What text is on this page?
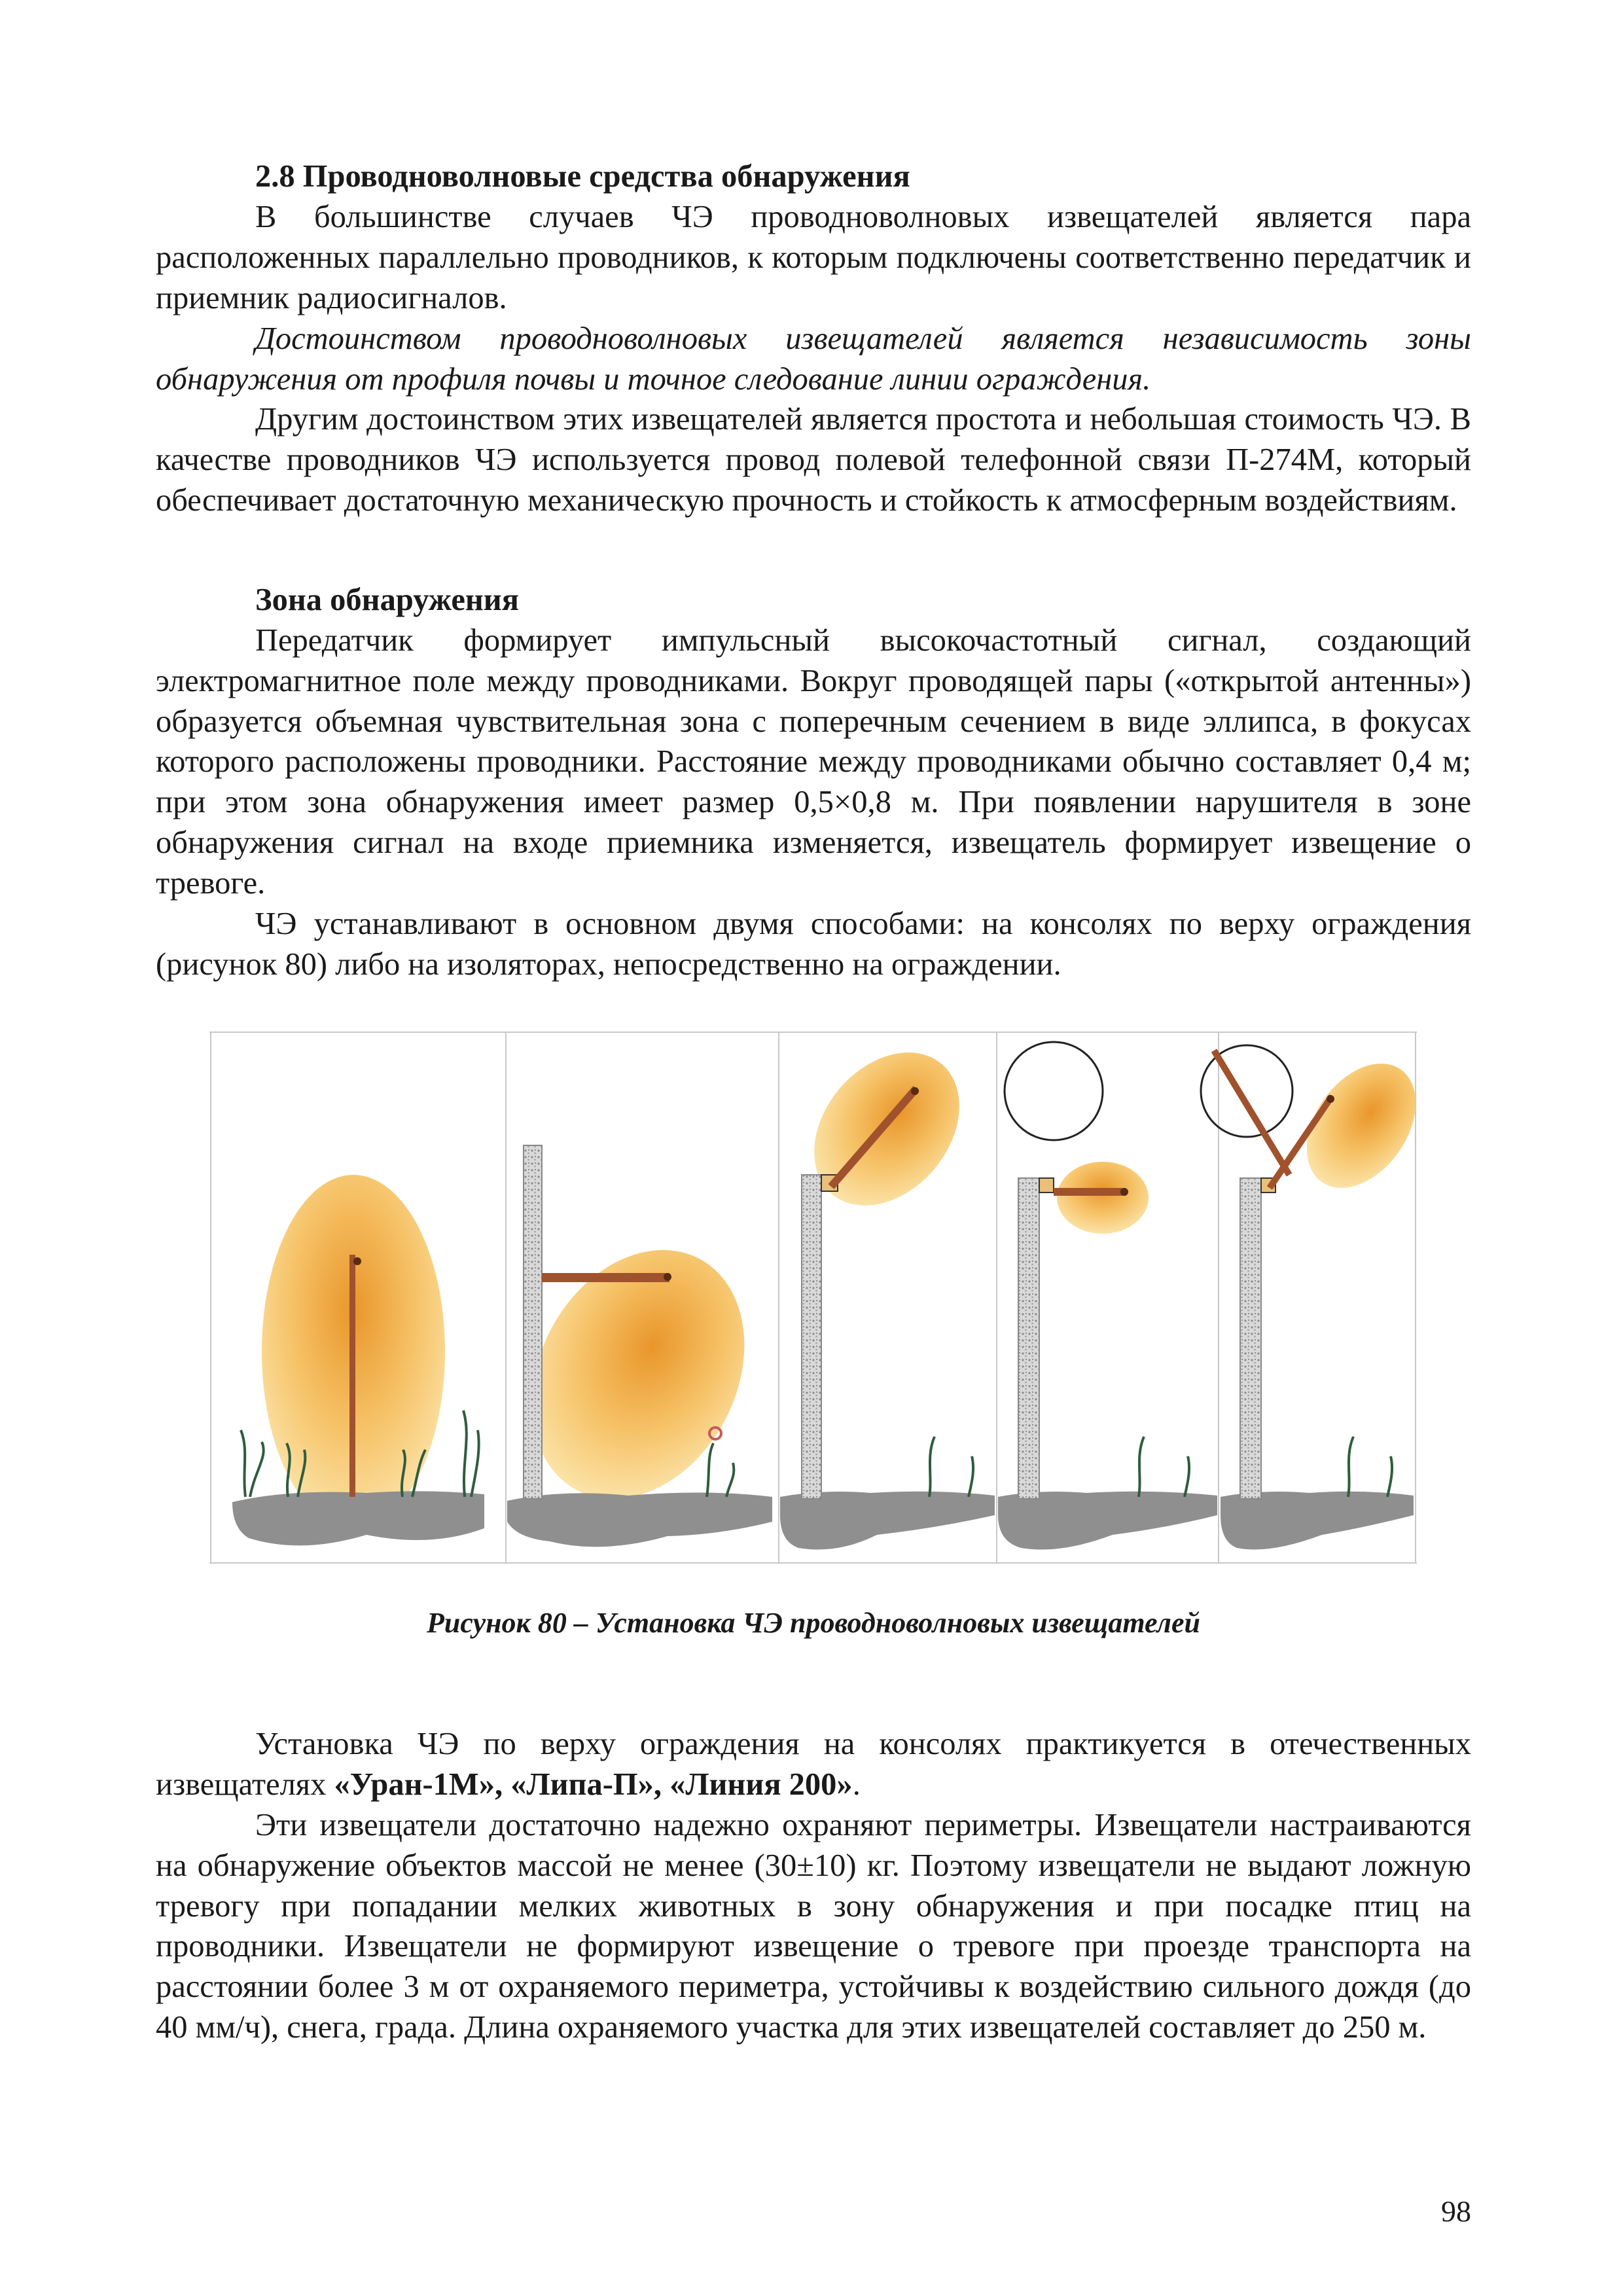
2.8 Проводноволновые средства обнаружения

В большинстве случаев ЧЭ проводноволновых извещателей является пара расположенных параллельно проводников, к которым подключены соответственно передатчик и приемник радиосигналов.

Достоинством проводноволновых извещателей является независимость зоны обнаружения от профиля почвы и точное следование линии ограждения.

Другим достоинством этих извещателей является простота и небольшая стоимость ЧЭ. В качестве проводников ЧЭ используется провод полевой телефонной связи П-274М, который обеспечивает достаточную механическую прочность и стойкость к атмосферным воздействиям.

Зона обнаружения

Передатчик формирует импульсный высокочастотный сигнал, создающий электромагнитное поле между проводниками. Вокруг проводящей пары («открытой антенны») образуется объемная чувствительная зона с поперечным сечением в виде эллипса, в фокусах которого расположены проводники. Расстояние между проводниками обычно составляет 0,4 м; при этом зона обнаружения имеет размер 0,5×0,8 м. При появлении нарушителя в зоне обнаружения сигнал на входе приемника изменяется, извещатель формирует извещение о тревоге.

ЧЭ устанавливают в основном двумя способами: на консолях по верху ограждения (рисунок 80) либо на изоляторах, непосредственно на ограждении.

Рисунок 80 – Установка ЧЭ проводноволновых извещателей

Установка ЧЭ по верху ограждения на консолях практикуется в отечественных извещателях «Уран-1М», «Липа-П», «Линия 200».

Эти извещатели достаточно надежно охраняют периметры. Извещатели настраиваются на обнаружение объектов массой не менее (30±10) кг. Поэтому извещатели не выдают ложную тревогу при попадании мелких животных в зону обнаружения и при посадке птиц на проводники. Извещатели не формируют извещение о тревоге при проезде транспорта на расстоянии более 3 м от охраняемого периметра, устойчивы к воздействию сильного дождя (до 40 мм/ч), снега, града. Длина охраняемого участка для этих извещателей составляет до 250 м.

98
